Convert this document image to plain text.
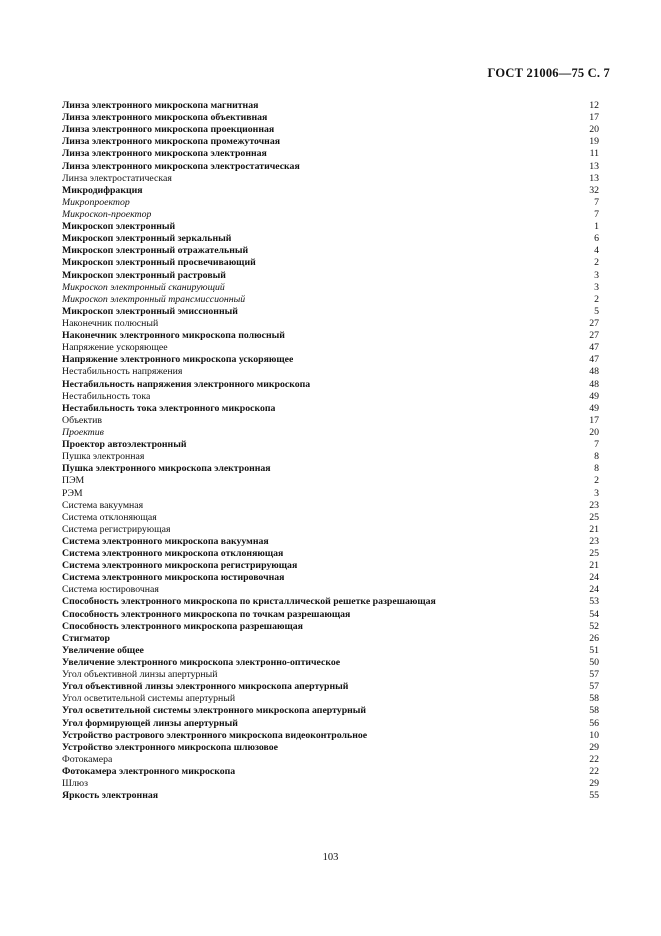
ГОСТ 21006—75 С. 7
Линза электронного микроскопа магнитная	12
Линза электронного микроскопа объективная	17
Линза электронного микроскопа проекционная	20
Линза электронного микроскопа промежуточная	19
Линза электронного микроскопа электронная	11
Линза электронного микроскопа электростатическая	13
Линза электростатическая	13
Микродифракция	32
Микропроектор	7
Микроскоп-проектор	7
Микроскоп электронный	1
Микроскоп электронный зеркальный	6
Микроскоп электронный отражательный	4
Микроскоп электронный просвечивающий	2
Микроскоп электронный растровый	3
Микроскоп электронный сканирующий	3
Микроскоп электронный трансмиссионный	2
Микроскоп электронный эмиссионный	5
Наконечник полюсный	27
Наконечник электронного микроскопа полюсный	27
Напряжение ускоряющее	47
Напряжение электронного микроскопа ускоряющее	47
Нестабильность напряжения	48
Нестабильность напряжения электронного микроскопа	48
Нестабильность тока	49
Нестабильность тока электронного микроскопа	49
Объектив	17
Проектив	20
Проектор автоэлектронный	7
Пушка электронная	8
Пушка электронного микроскопа электронная	8
ПЭМ	2
РЭМ	3
Система вакуумная	23
Система отклоняющая	25
Система регистрирующая	21
Система электронного микроскопа вакуумная	23
Система электронного микроскопа отклоняющая	25
Система электронного микроскопа регистрирующая	21
Система электронного микроскопа юстировочная	24
Система юстировочная	24
Способность электронного микроскопа по кристаллической решетке разрешающая	53
Способность электронного микроскопа по точкам разрешающая	54
Способность электронного микроскопа разрешающая	52
Стигматор	26
Увеличение общее	51
Увеличение электронного микроскопа электронно-оптическое	50
Угол объективной линзы апертурный	57
Угол объективной линзы электронного микроскопа апертурный	57
Угол осветительной системы апертурный	58
Угол осветительной системы электронного микроскопа апертурный	58
Угол формирующей линзы апертурный	56
Устройство растрового электронного микроскопа видеоконтрольное	10
Устройство электронного микроскопа шлюзовое	29
Фотокамера	22
Фотокамера электронного микроскопа	22
Шлюз	29
Яркость электронная	55
103
